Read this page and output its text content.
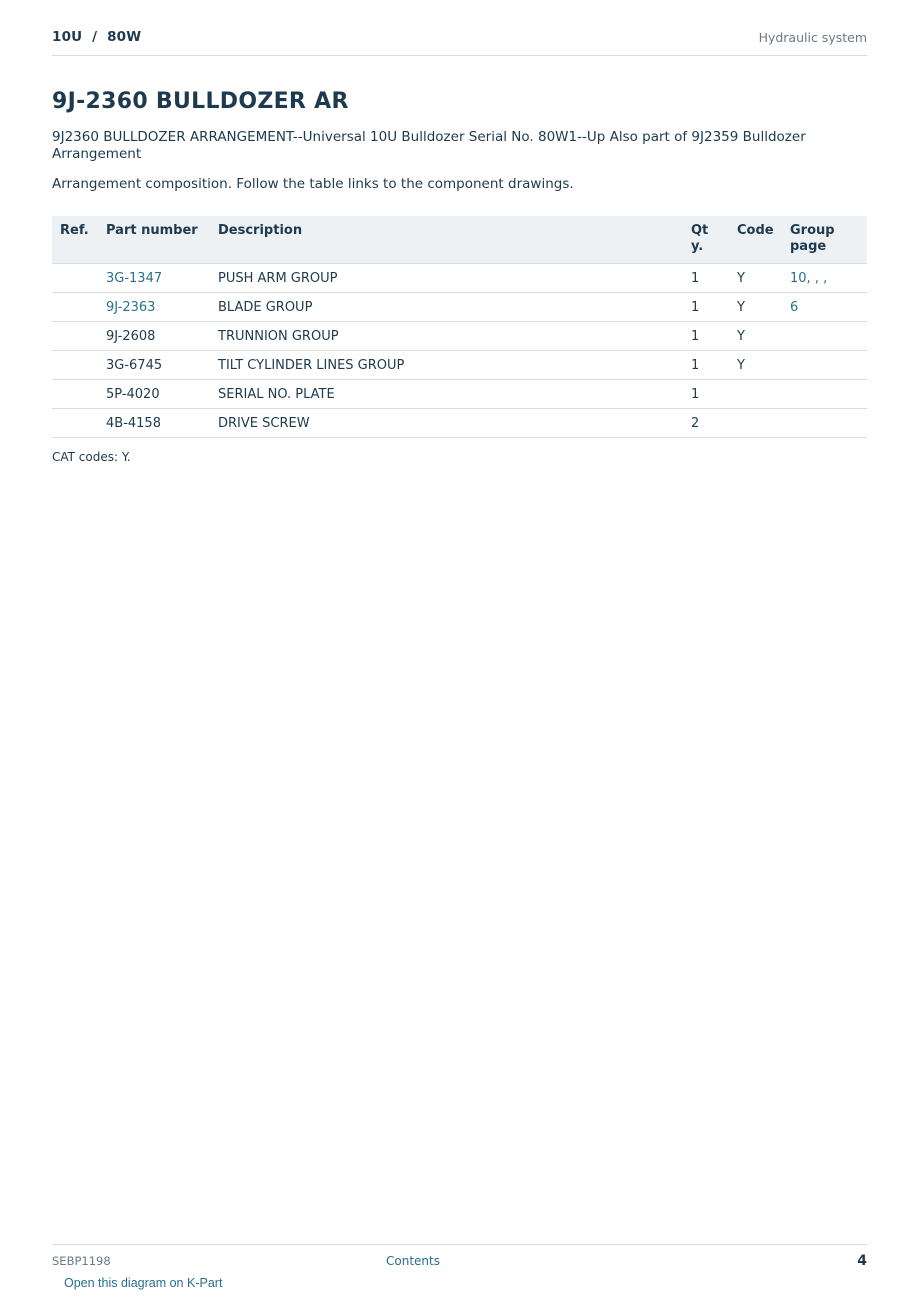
10U  /  80W	Hydraulic system
9J-2360 BULLDOZER AR
9J2360 BULLDOZER ARRANGEMENT--Universal 10U Bulldozer Serial No. 80W1--Up Also part of 9J2359 Bulldozer Arrangement
Arrangement composition. Follow the table links to the component drawings.
Ref.	Part number	Description	Qty.	Code	Group page
	3G-1347	PUSH ARM GROUP	1	Y	10, , ,
	9J-2363	BLADE GROUP	1	Y	6
	9J-2608	TRUNNION GROUP	1	Y	
	3G-6745	TILT CYLINDER LINES GROUP	1	Y	
	5P-4020	SERIAL NO. PLATE	1		
	4B-4158	DRIVE SCREW	2		
CAT codes: Y.
SEBP1198	Contents	4
Open this diagram on K-Part
